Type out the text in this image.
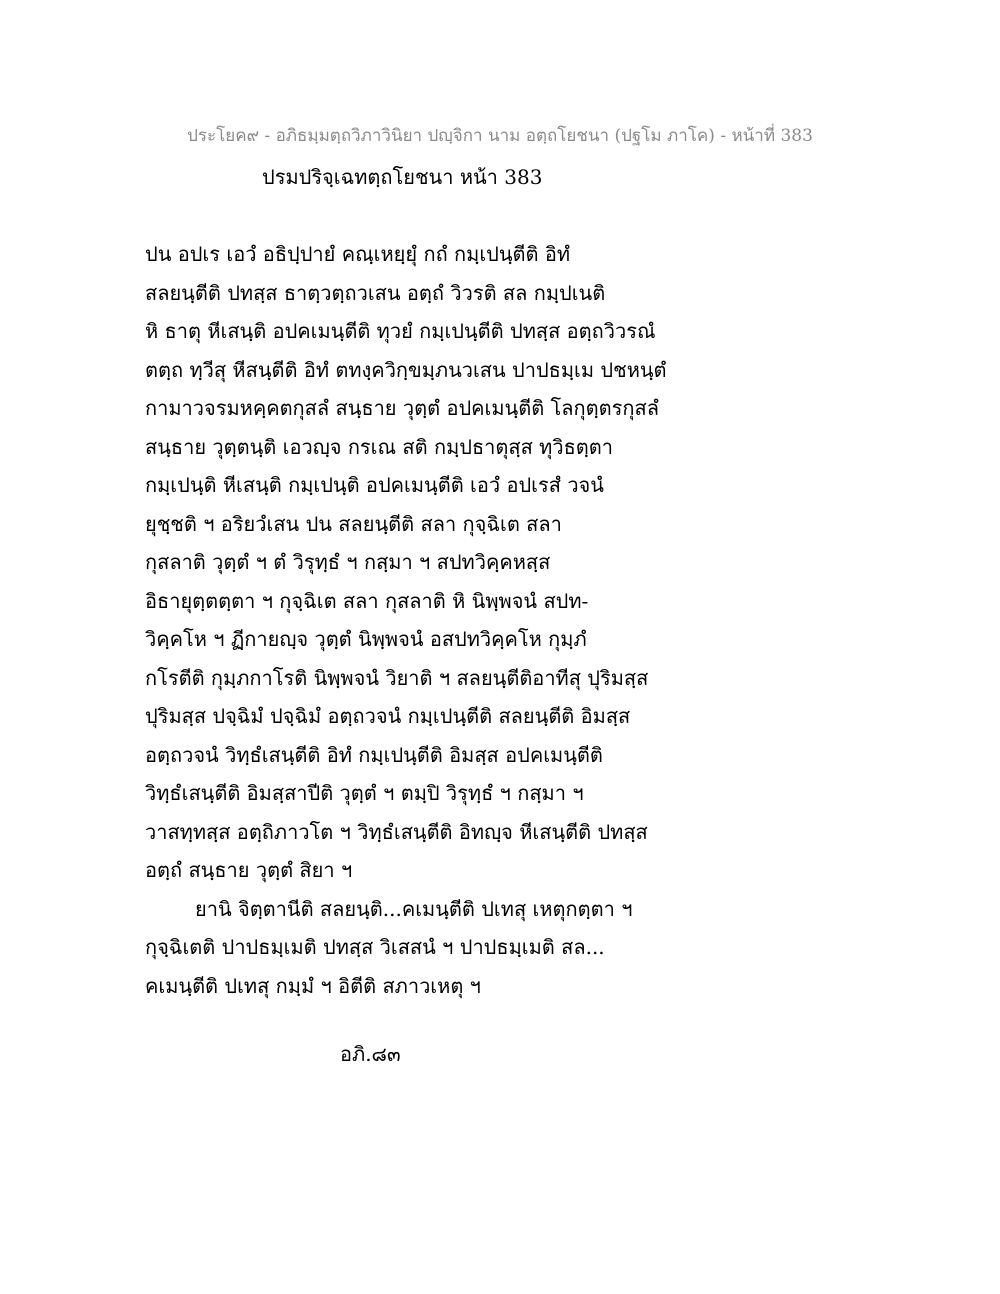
ประโยค๙ - อภิธมฺมตฺถวิภาวินิยา ปญฺจิกา นาม อตฺถโยชนา (ปฐโม ภาโค) - หน้าที่ 383
ปรมปริจฺเฉทตฺถโยชนา หน้า 383
ปน อปเร เอวํ อธิปฺปายํ คณฺเหยฺยุํ กถํ กมฺเปนฺตีติ อิทํ
สลยนฺตีติ ปทสฺส ธาตฺวตฺถวเสน อตฺถํ วิวรติ สล กมฺปเนติ
หิ ธาตุ หีเสนฺติ อปคเมนฺตีติ ทุวยํ กมฺเปนฺตีติ ปทสฺส อตฺถวิวรณํ
ตตฺถ ทฺวีสุ หีสนฺตีติ อิทํ ตทงฺควิกฺขมฺภนวเสน ปาปธมฺเม ปชหนฺตํ
กามาวจรมหคฺคตกุสลํ สนฺธาย วุตฺตํ อปคเมนฺตีติ โลกุตฺตรกุสลํ
สนฺธาย วุตฺตนฺติ เอวญฺจ กรเณ สติ กมฺปธาตุสฺส ทุวิธตฺตา
กมฺเปนฺติ หีเสนฺติ กมฺเปนฺติ อปคเมนฺตีติ เอวํ อปเรสํ วจนํ
ยุชฺชติ ฯ อริยวํเสน ปน สลยนฺตีติ สลา กุจฺฉิเต สลา
กุสลาติ วุตฺตํ ฯ ตํ วิรุทฺธํ ฯ กสฺมา ฯ สปทวิคฺคหสฺส
อิธายุตฺตตฺตา ฯ กุจฺฉิเต สลา กุสลาติ หิ นิพฺพจนํ สปท-
วิคฺคโห ฯ ฏีกายญฺจ วุตฺตํ นิพฺพจนํ อสปทวิคฺคโห กุมฺภํ
กโรตีติ กุมฺภกาโรติ นิพฺพจนํ วิยาติ ฯ สลยนฺตีติอาทีสุ ปุริมสฺส
ปุริมสฺส ปจฺฉิมํ ปจฺฉิมํ อตฺถวจนํ กมฺเปนฺตีติ สลยนฺตีติ อิมสฺส
อตฺถวจนํ วิทฺธํเสนฺตีติ อิทํ กมฺเปนฺตีติ อิมสฺส อปคเมนฺตีติ
วิทฺธํเสนฺตีติ อิมสฺสาปีติ วุตฺตํ ฯ ตมฺปิ วิรุทฺธํ ฯ กสฺมา ฯ
วาสทฺทสฺส อตฺถิภาวโต ฯ วิทฺธํเสนฺตีติ อิทญฺจ หีเสนฺตีติ ปทสฺส
อตฺถํ สนฺธาย วุตฺตํ สิยา ฯ
ยานิ จิตฺตานีติ สลยนฺติ...คเมนฺตีติ ปเทสุ เหตุกตฺตา ฯ
กุจฺฉิเตติ ปาปธมฺเมติ ปทสฺส วิเสสนํ ฯ ปาปธมฺเมติ สล...
คเมนฺตีติ ปเทสุ กมฺมํ ฯ อิตีติ สภาวเหตุ ฯ
อภิ.๘๓
